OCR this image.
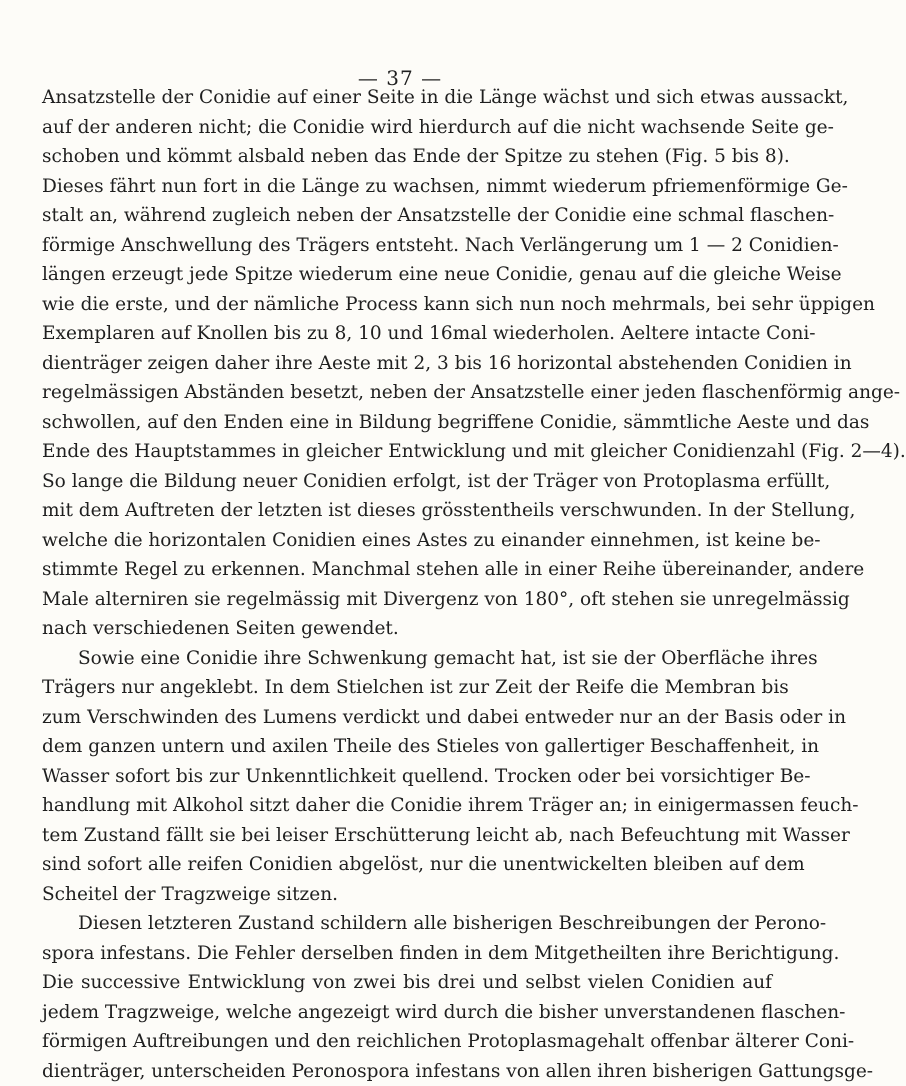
— 37 —
Ansatzstelle der Conidie auf einer Seite in die Länge wächst und sich etwas aussackt,
auf der anderen nicht; die Conidie wird hierdurch auf die nicht wachsende Seite ge-
schoben und kömmt alsbald neben das Ende der Spitze zu stehen (Fig. 5 bis 8).
Dieses fährt nun fort in die Länge zu wachsen, nimmt wiederum pfriemenförmige Ge-
stalt an, während zugleich neben der Ansatzstelle der Conidie eine schmal flaschen-
förmige Anschwellung des Trägers entsteht. Nach Verlängerung um 1 — 2 Conidien-
längen erzeugt jede Spitze wiederum eine neue Conidie, genau auf die gleiche Weise
wie die erste, und der nämliche Process kann sich nun noch mehrmals, bei sehr üppigen
Exemplaren auf Knollen bis zu 8, 10 und 16mal wiederholen. Aeltere intacte Coni-
dienträger zeigen daher ihre Aeste mit 2, 3 bis 16 horizontal abstehenden Conidien in
regelmässigen Abständen besetzt, neben der Ansatzstelle einer jeden flaschenförmig ange-
schwollen, auf den Enden eine in Bildung begriffene Conidie, sämmtliche Aeste und das
Ende des Hauptstammes in gleicher Entwicklung und mit gleicher Conidienzahl (Fig. 2—4).
So lange die Bildung neuer Conidien erfolgt, ist der Träger von Protoplasma erfüllt,
mit dem Auftreten der letzten ist dieses grösstentheils verschwunden. In der Stellung,
welche die horizontalen Conidien eines Astes zu einander einnehmen, ist keine be-
stimmte Regel zu erkennen. Manchmal stehen alle in einer Reihe übereinander, andere
Male alterniren sie regelmässig mit Divergenz von 180°, oft stehen sie unregelmässig
nach verschiedenen Seiten gewendet.
Sowie eine Conidie ihre Schwenkung gemacht hat, ist sie der Oberfläche ihres
Trägers nur angeklebt. In dem Stielchen ist zur Zeit der Reife die Membran bis
zum Verschwinden des Lumens verdickt und dabei entweder nur an der Basis oder in
dem ganzen untern und axilen Theile des Stieles von gallertiger Beschaffenheit, in
Wasser sofort bis zur Unkenntlichkeit quellend. Trocken oder bei vorsichtiger Be-
handlung mit Alkohol sitzt daher die Conidie ihrem Träger an; in einigermassen feuch-
tem Zustand fällt sie bei leiser Erschütterung leicht ab, nach Befeuchtung mit Wasser
sind sofort alle reifen Conidien abgelöst, nur die unentwickelten bleiben auf dem
Scheitel der Tragzweige sitzen.
Diesen letzteren Zustand schildern alle bisherigen Beschreibungen der Perono-
spora infestans. Die Fehler derselben finden in dem Mitgetheilten ihre Berichtigung.
Die successive Entwicklung von zwei bis drei und selbst vielen Conidien auf
jedem Tragzweige, welche angezeigt wird durch die bisher unverstandenen flaschen-
förmigen Auftreibungen und den reichlichen Protoplasmagehalt offenbar älterer Coni-
dienträger, unterscheiden Peronospora infestans von allen ihren bisherigen Gattungsge-
